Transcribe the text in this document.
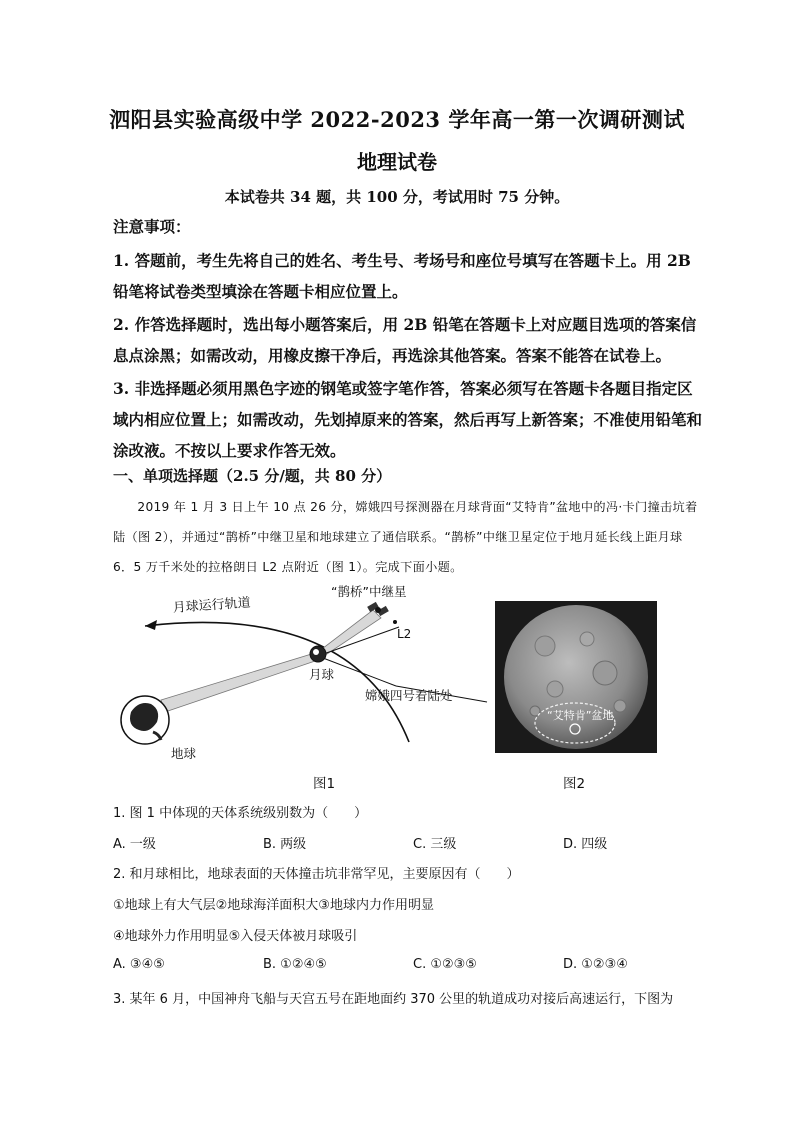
泗阳县实验高级中学 2022-2023 学年高一第一次调研测试
地理试卷
本试卷共 34 题，共 100 分，考试用时 75 分钟。
注意事项：
1. 答题前，考生先将自己的姓名、考生号、考场号和座位号填写在答题卡上。用 2B 铅笔将试卷类型填涂在答题卡相应位置上。
2. 作答选择题时，选出每小题答案后，用 2B 铅笔在答题卡上对应题目选项的答案信息点涂黑；如需改动，用橡皮擦干净后，再选涂其他答案。答案不能答在试卷上。
3. 非选择题必须用黑色字迹的钢笔或签字笔作答，答案必须写在答题卡各题目指定区域内相应位置上；如需改动，先划掉原来的答案，然后再写上新答案；不准使用铅笔和涂改液。不按以上要求作答无效。
一、单项选择题（2.5 分/题，共 80 分）
2019 年 1 月 3 日上午 10 点 26 分，嫦娥四号探测器在月球背面“艾特肯”盆地中的冯·卡门撞击坑着陆（图 2），并通过“鹊桥”中继卫星和地球建立了通信联系。“鹊桥”中继卫星定位于地月延长线上距月球 6．5 万千米处的拉格朗日 L2 点附近（图 1）。完成下面小题。
月球运行轨道
“鹊桥”中继星
L2
月球
嫦娥四号着陆处
地球
“艾特肯”盆地
图1	图2
1. 图 1 中体现的天体系统级别数为（　　）
A. 一级	B. 两级	C. 三级	D. 四级
2. 和月球相比，地球表面的天体撞击坑非常罕见，主要原因有（　　）
①地球上有大气层②地球海洋面积大③地球内力作用明显
④地球外力作用明显⑤入侵天体被月球吸引
A. ③④⑤	B. ①②④⑤	C. ①②③⑤	D. ①②③④
3. 某年 6 月，中国神舟飞船与天宫五号在距地面约 370 公里的轨道成功对接后高速运行，下图为
